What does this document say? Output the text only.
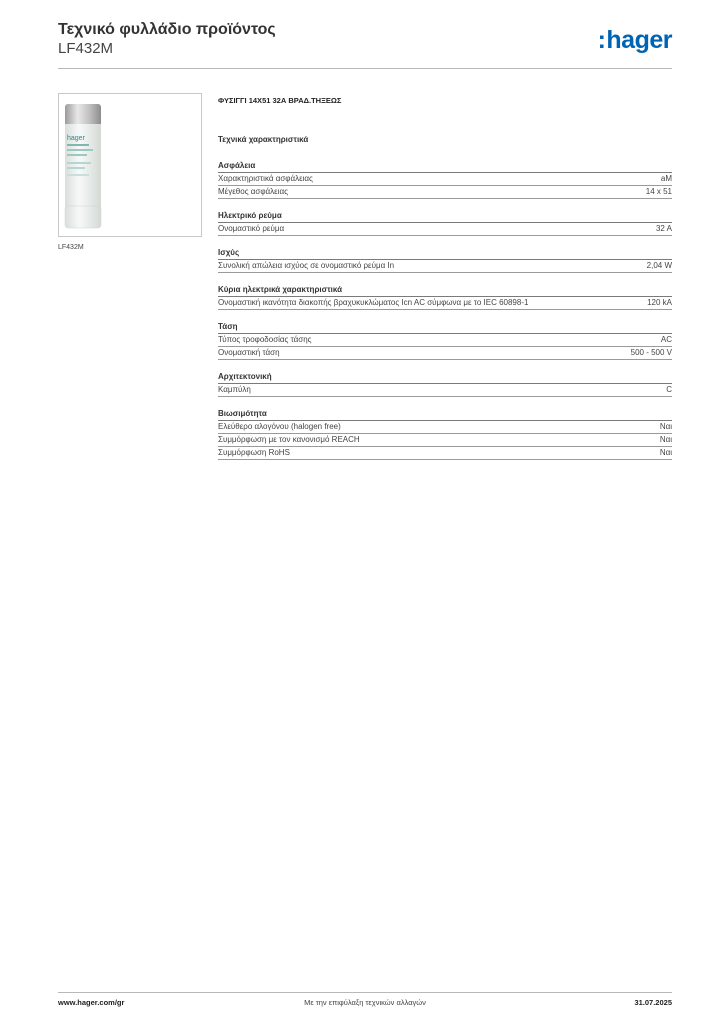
Τεχνικό φυλλάδιο προϊόντος

LF432M	:hager
hager
LF432M
ΦΥΣΙΓΓΙ 14Χ51 32Α ΒΡΑΔ.ΤΗΞΕΩΣ
Τεχνικά χαρακτηριστικά
Ασφάλεια
Χαρακτηριστικά ασφάλειας	aM
Μέγεθος ασφάλειας	14 x 51
Ηλεκτρικό ρεύμα
Ονομαστικό ρεύμα	32 A
Ισχύς
Συνολική απώλεια ισχύος σε ονομαστικό ρεύμα In	2,04 W
Κύρια ηλεκτρικά χαρακτηριστικά
Ονομαστική ικανότητα διακοπής βραχυκυκλώματος Icn AC σύμφωνα με το IEC 60898-1	120 kA
Τάση
Τύπος τροφοδοσίας τάσης	AC
Ονομαστική τάση	500 - 500 V
Αρχιτεκτονική
Καμπύλη	C
Βιωσιμότητα
Ελεύθερο αλογόνου (halogen free)	Ναι
Συμμόρφωση με τον κανονισμό REACH	Ναι
Συμμόρφωση RoHS	Ναι
www.hager.com/gr	Με την επιφύλαξη τεχνικών αλλαγών	31.07.2025
